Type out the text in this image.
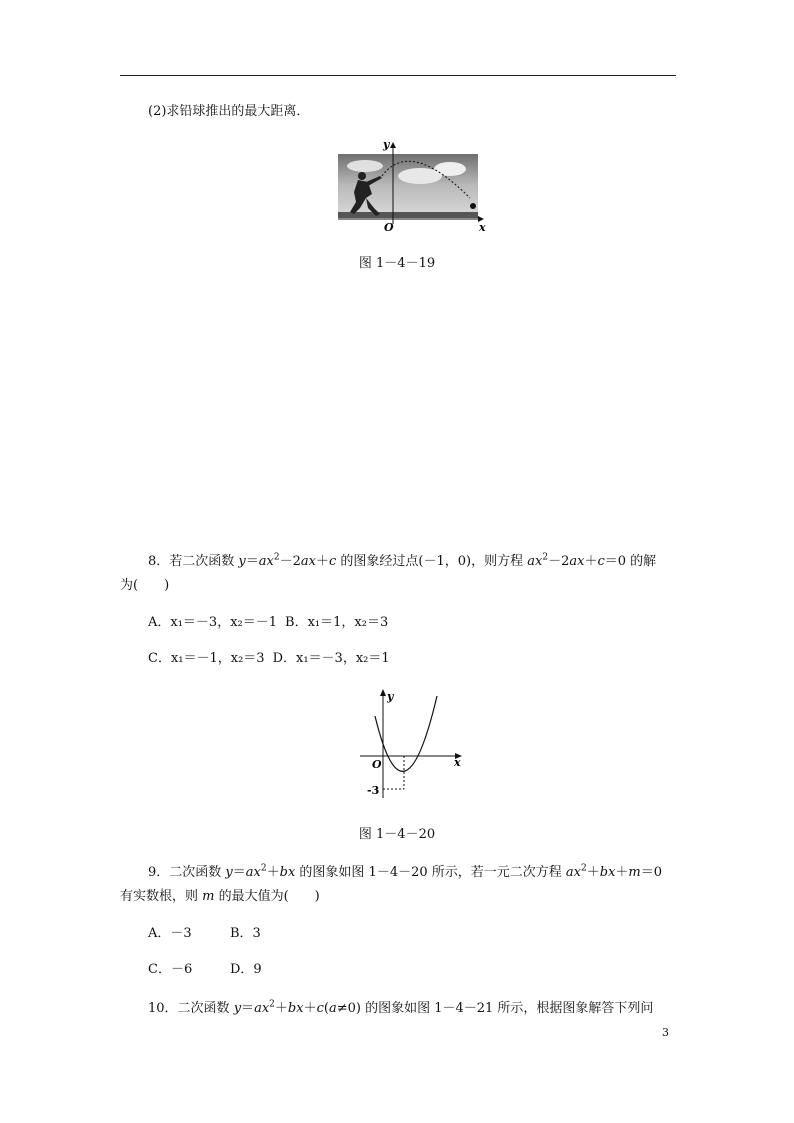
(2)求铅球推出的最大距离．
y
x
O
图 1－4－19
8．若二次函数 $y=ax^2-2ax+c$ 的图象经过点(－1，0)，则方程 $ax^2-2ax+c=0$ 的解
为(　　)
A．x₁＝－3，x₂＝－1 B．x₁＝1，x₂＝3
C．x₁＝－1，x₂＝3 D．x₁＝－3，x₂＝1
y
x
O
-3
图 1－4－20
9．二次函数 $y=ax^2+bx$ 的图象如图 1－4－20 所示，若一元二次方程 $ax^2+bx+m=0$
有实数根，则 m 的最大值为(　　)
A．－3	B．3
C．－6	D．9
10．二次函数 $y=ax^2+bx+c(a\ne 0)$ 的图象如图 1－4－21 所示，根据图象解答下列问
3
